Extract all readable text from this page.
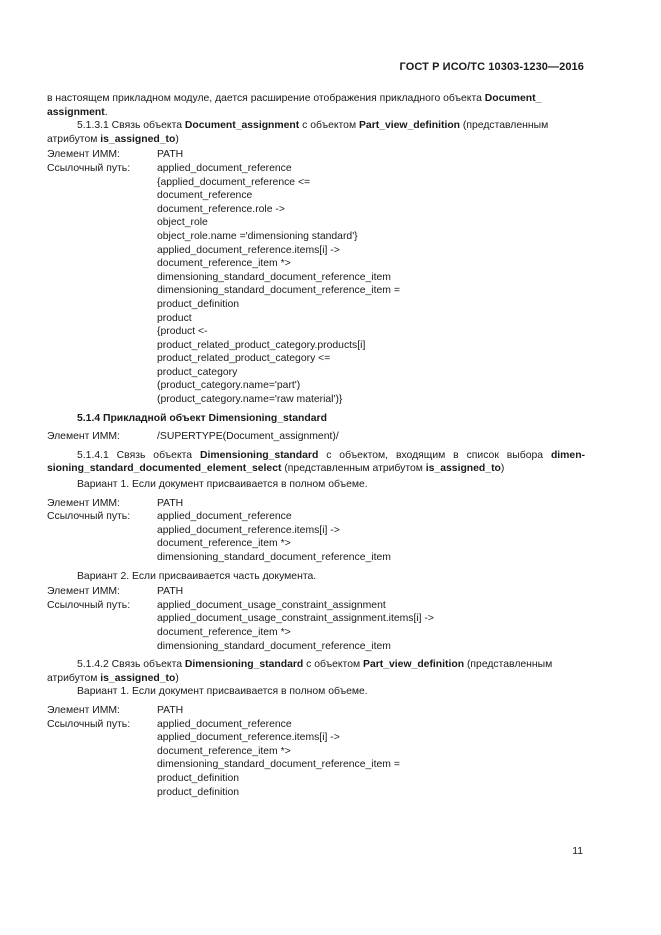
ГОСТ Р ИСО/ТС 10303-1230—2016

в настоящем прикладном модуле, дается расширение отображения прикладного объекта Document_
assignment.

5.1.3.1 Связь объекта Document_assignment с объектом Part_view_definition (представленным

атрибутом is_assigned_to)

Элемент ИММ:	PATH
Ссылочный путь:	applied_document_reference
{applied_document_reference <=
document_reference
document_reference.role ->
object_role
object_role.name ='dimensioning standard'}
applied_document_reference.items[i] ->
document_reference_item *>
dimensioning_standard_document_reference_item
dimensioning_standard_document_reference_item =
product_definition
product
{product <-
product_related_product_category.products[i]
product_related_product_category <=
product_category
(product_category.name='part')
(product_category.name='raw material')}

5.1.4 Прикладной объект Dimensioning_standard

Элемент ИММ:	/SUPERTYPE(Document_assignment)/

5.1.4.1 Связь объекта Dimensioning_standard с объектом, входящим в список выбора dimen-

sioning_standard_documented_element_select (представленным атрибутом is_assigned_to)

Вариант 1. Если документ присваивается в полном объеме.

Элемент ИММ:	PATH
Ссылочный путь:	applied_document_reference
applied_document_reference.items[i] ->
document_reference_item *>
dimensioning_standard_document_reference_item

Вариант 2. Если присваивается часть документа.

Элемент ИММ:	PATH
Ссылочный путь:	applied_document_usage_constraint_assignment
applied_document_usage_constraint_assignment.items[i] ->
document_reference_item *>
dimensioning_standard_document_reference_item

5.1.4.2 Связь объекта Dimensioning_standard с объектом Part_view_definition (представленным

атрибутом is_assigned_to)

Вариант 1. Если документ присваивается в полном объеме.

Элемент ИММ:	PATH
Ссылочный путь:	applied_document_reference
applied_document_reference.items[i] ->
document_reference_item *>
dimensioning_standard_document_reference_item =
product_definition
product_definition
11
